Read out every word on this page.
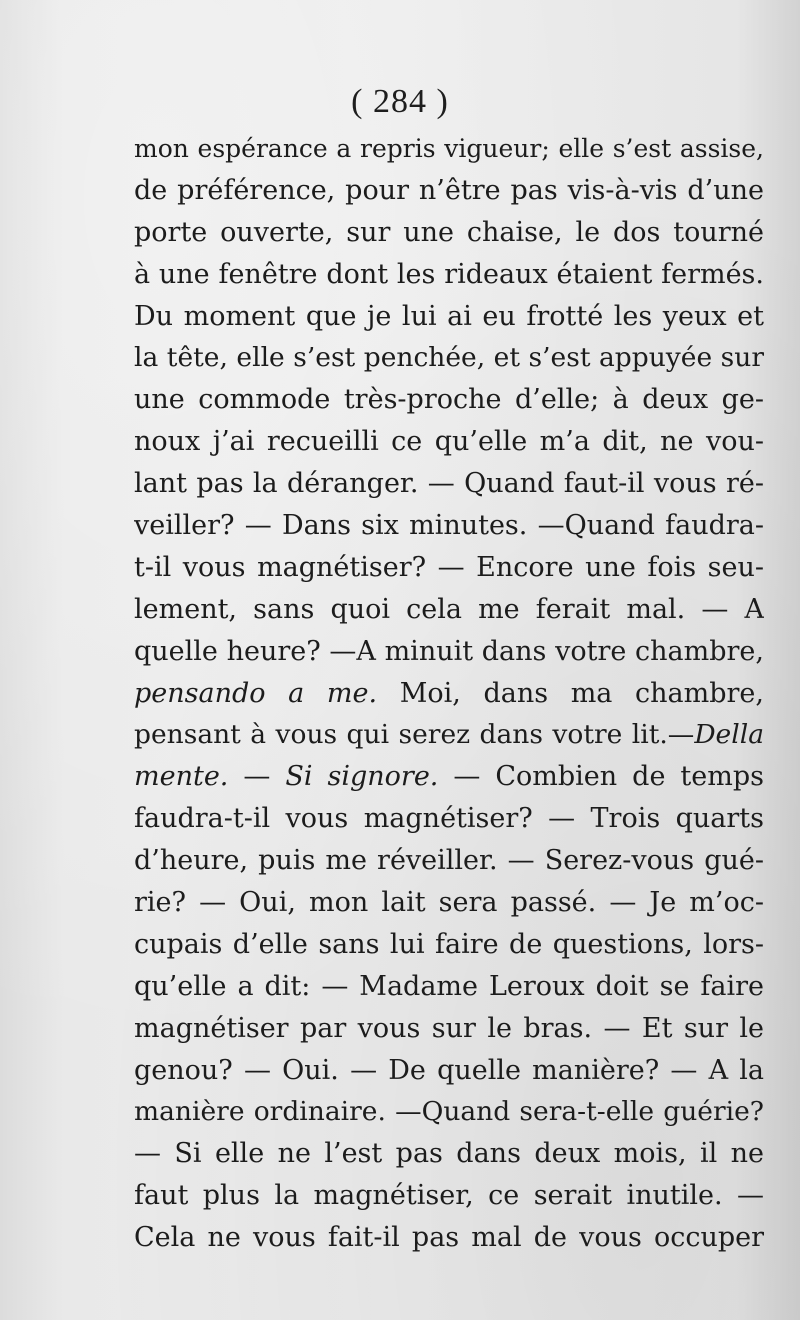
( 284 )
mon espérance a repris vigueur; elle s’est assise,
de préférence, pour n’être pas vis-à-vis d’une
porte ouverte, sur une chaise, le dos tourné
à une fenêtre dont les rideaux étaient fermés.
Du moment que je lui ai eu frotté les yeux et
la tête, elle s’est penchée, et s’est appuyée sur
une commode très-proche d’elle; à deux ge-
noux j’ai recueilli ce qu’elle m’a dit, ne vou-
lant pas la déranger. — Quand faut-il vous ré-
veiller? — Dans six minutes. —Quand faudra-
t-il vous magnétiser? — Encore une fois seu-
lement, sans quoi cela me ferait mal. — A
quelle heure? —A minuit dans votre chambre,
pensando a me. Moi, dans ma chambre,
pensant à vous qui serez dans votre lit.—Della
mente. — Si signore. — Combien de temps
faudra-t-il vous magnétiser? — Trois quarts
d’heure, puis me réveiller. — Serez-vous gué-
rie? — Oui, mon lait sera passé. — Je m’oc-
cupais d’elle sans lui faire de questions, lors-
qu’elle a dit: — Madame Leroux doit se faire
magnétiser par vous sur le bras. — Et sur le
genou? — Oui. — De quelle manière? — A la
manière ordinaire. —Quand sera-t-elle guérie?
— Si elle ne l’est pas dans deux mois, il ne
faut plus la magnétiser, ce serait inutile. —
Cela ne vous fait-il pas mal de vous occuper
